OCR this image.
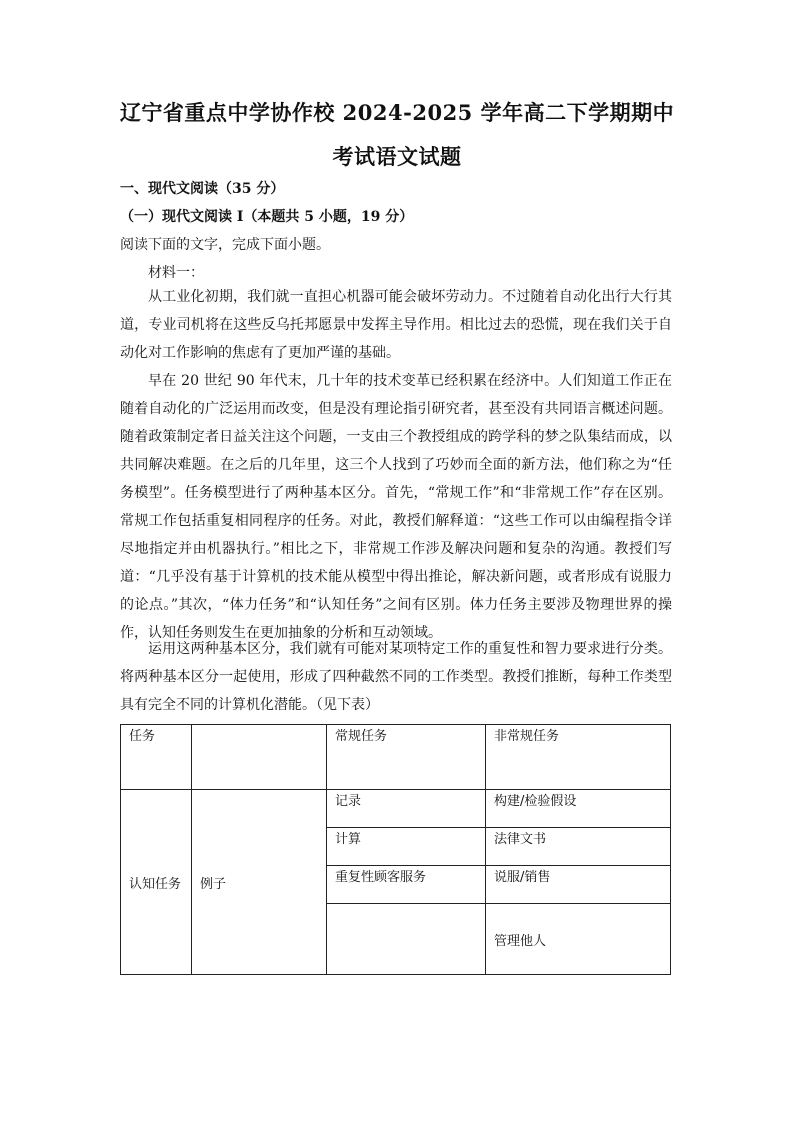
辽宁省重点中学协作校 2024-2025 学年高二下学期期中
考试语文试题
一、现代文阅读（35 分）
（一）现代文阅读 I（本题共 5 小题，19 分）
阅读下面的文字，完成下面小题。
材料一：

从工业化初期，我们就一直担心机器可能会破坏劳动力。不过随着自动化出行大行其道，专业司机将在这些反乌托邦愿景中发挥主导作用。相比过去的恐慌，现在我们关于自动化对工作影响的焦虑有了更加严谨的基础。

早在 20 世纪 90 年代末，几十年的技术变革已经积累在经济中。人们知道工作正在随着自动化的广泛运用而改变，但是没有理论指引研究者，甚至没有共同语言概述问题。随着政策制定者日益关注这个问题，一支由三个教授组成的跨学科的梦之队集结而成，以共同解决难题。在之后的几年里，这三个人找到了巧妙而全面的新方法，他们称之为“任务模型”。任务模型进行了两种基本区分。首先，“常规工作”和“非常规工作”存在区别。常规工作包括重复相同程序的任务。对此，教授们解释道：“这些工作可以由编程指令详尽地指定并由机器执行。”相比之下，非常规工作涉及解决问题和复杂的沟通。教授们写道：“几乎没有基于计算机的技术能从模型中得出推论，解决新问题，或者形成有说服力的论点。”其次，“体力任务”和“认知任务”之间有区别。体力任务主要涉及物理世界的操作，认知任务则发生在更加抽象的分析和互动领域。

运用这两种基本区分，我们就有可能对某项特定工作的重复性和智力要求进行分类。将两种基本区分一起使用，形成了四种截然不同的工作类型。教授们推断，每种工作类型具有完全不同的计算机化潜能。（见下表）

任务		常规任务	非常规任务
认知任务	例子	记录	构建/检验假设
		计算	法律文书
		重复性顾客服务	说服/销售
			管理他人
